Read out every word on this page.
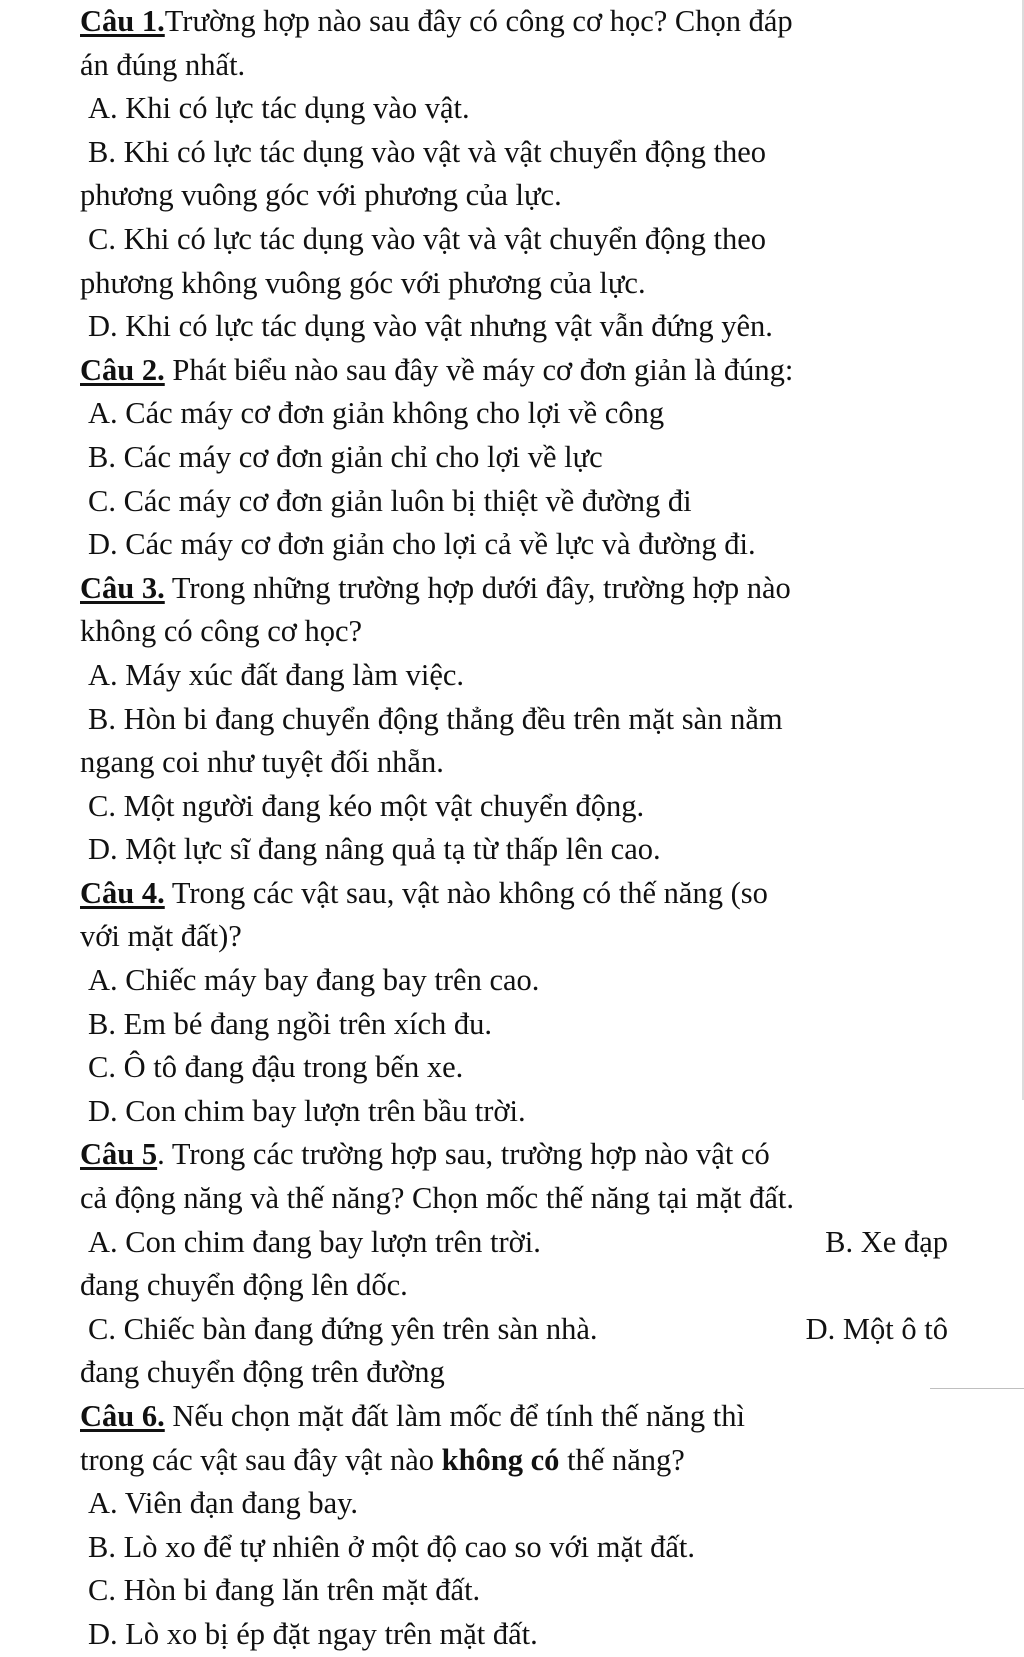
Câu 1.Trường hợp nào sau đây có công cơ học? Chọn đáp
án đúng nhất.
A. Khi có lực tác dụng vào vật.
B. Khi có lực tác dụng vào vật và vật chuyển động theo
phương vuông góc với phương của lực.
C. Khi có lực tác dụng vào vật và vật chuyển động theo
phương không vuông góc với phương của lực.
D. Khi có lực tác dụng vào vật nhưng vật vẫn đứng yên.
Câu 2. Phát biểu nào sau đây về máy cơ đơn giản là đúng:
A. Các máy cơ đơn giản không cho lợi về công
B. Các máy cơ đơn giản chỉ cho lợi về lực
C. Các máy cơ đơn giản luôn bị thiệt về đường đi
D. Các máy cơ đơn giản cho lợi cả về lực và đường đi.
Câu 3. Trong những trường hợp dưới đây, trường hợp nào
không có công cơ học?
A. Máy xúc đất đang làm việc.
B. Hòn bi đang chuyển động thẳng đều trên mặt sàn nằm
ngang coi như tuyệt đối nhẵn.
C. Một người đang kéo một vật chuyển động.
D. Một lực sĩ đang nâng quả tạ từ thấp lên cao.
Câu 4. Trong các vật sau, vật nào không có thế năng (so
với mặt đất)?
A. Chiếc máy bay đang bay trên cao.
B. Em bé đang ngồi trên xích đu.
C. Ô tô đang đậu trong bến xe.
D. Con chim bay lượn trên bầu trời.
Câu 5. Trong các trường hợp sau, trường hợp nào vật có
cả động năng và thế năng? Chọn mốc thế năng tại mặt đất.
A. Con chim đang bay lượn trên trời.	B. Xe đạp
đang chuyển động lên dốc.
C. Chiếc bàn đang đứng yên trên sàn nhà.	D. Một ô tô
đang chuyển động trên đường
Câu 6. Nếu chọn mặt đất làm mốc để tính thế năng thì
trong các vật sau đây vật nào không có thế năng?
A. Viên đạn đang bay.
B. Lò xo để tự nhiên ở một độ cao so với mặt đất.
C. Hòn bi đang lăn trên mặt đất.
D. Lò xo bị ép đặt ngay trên mặt đất.
